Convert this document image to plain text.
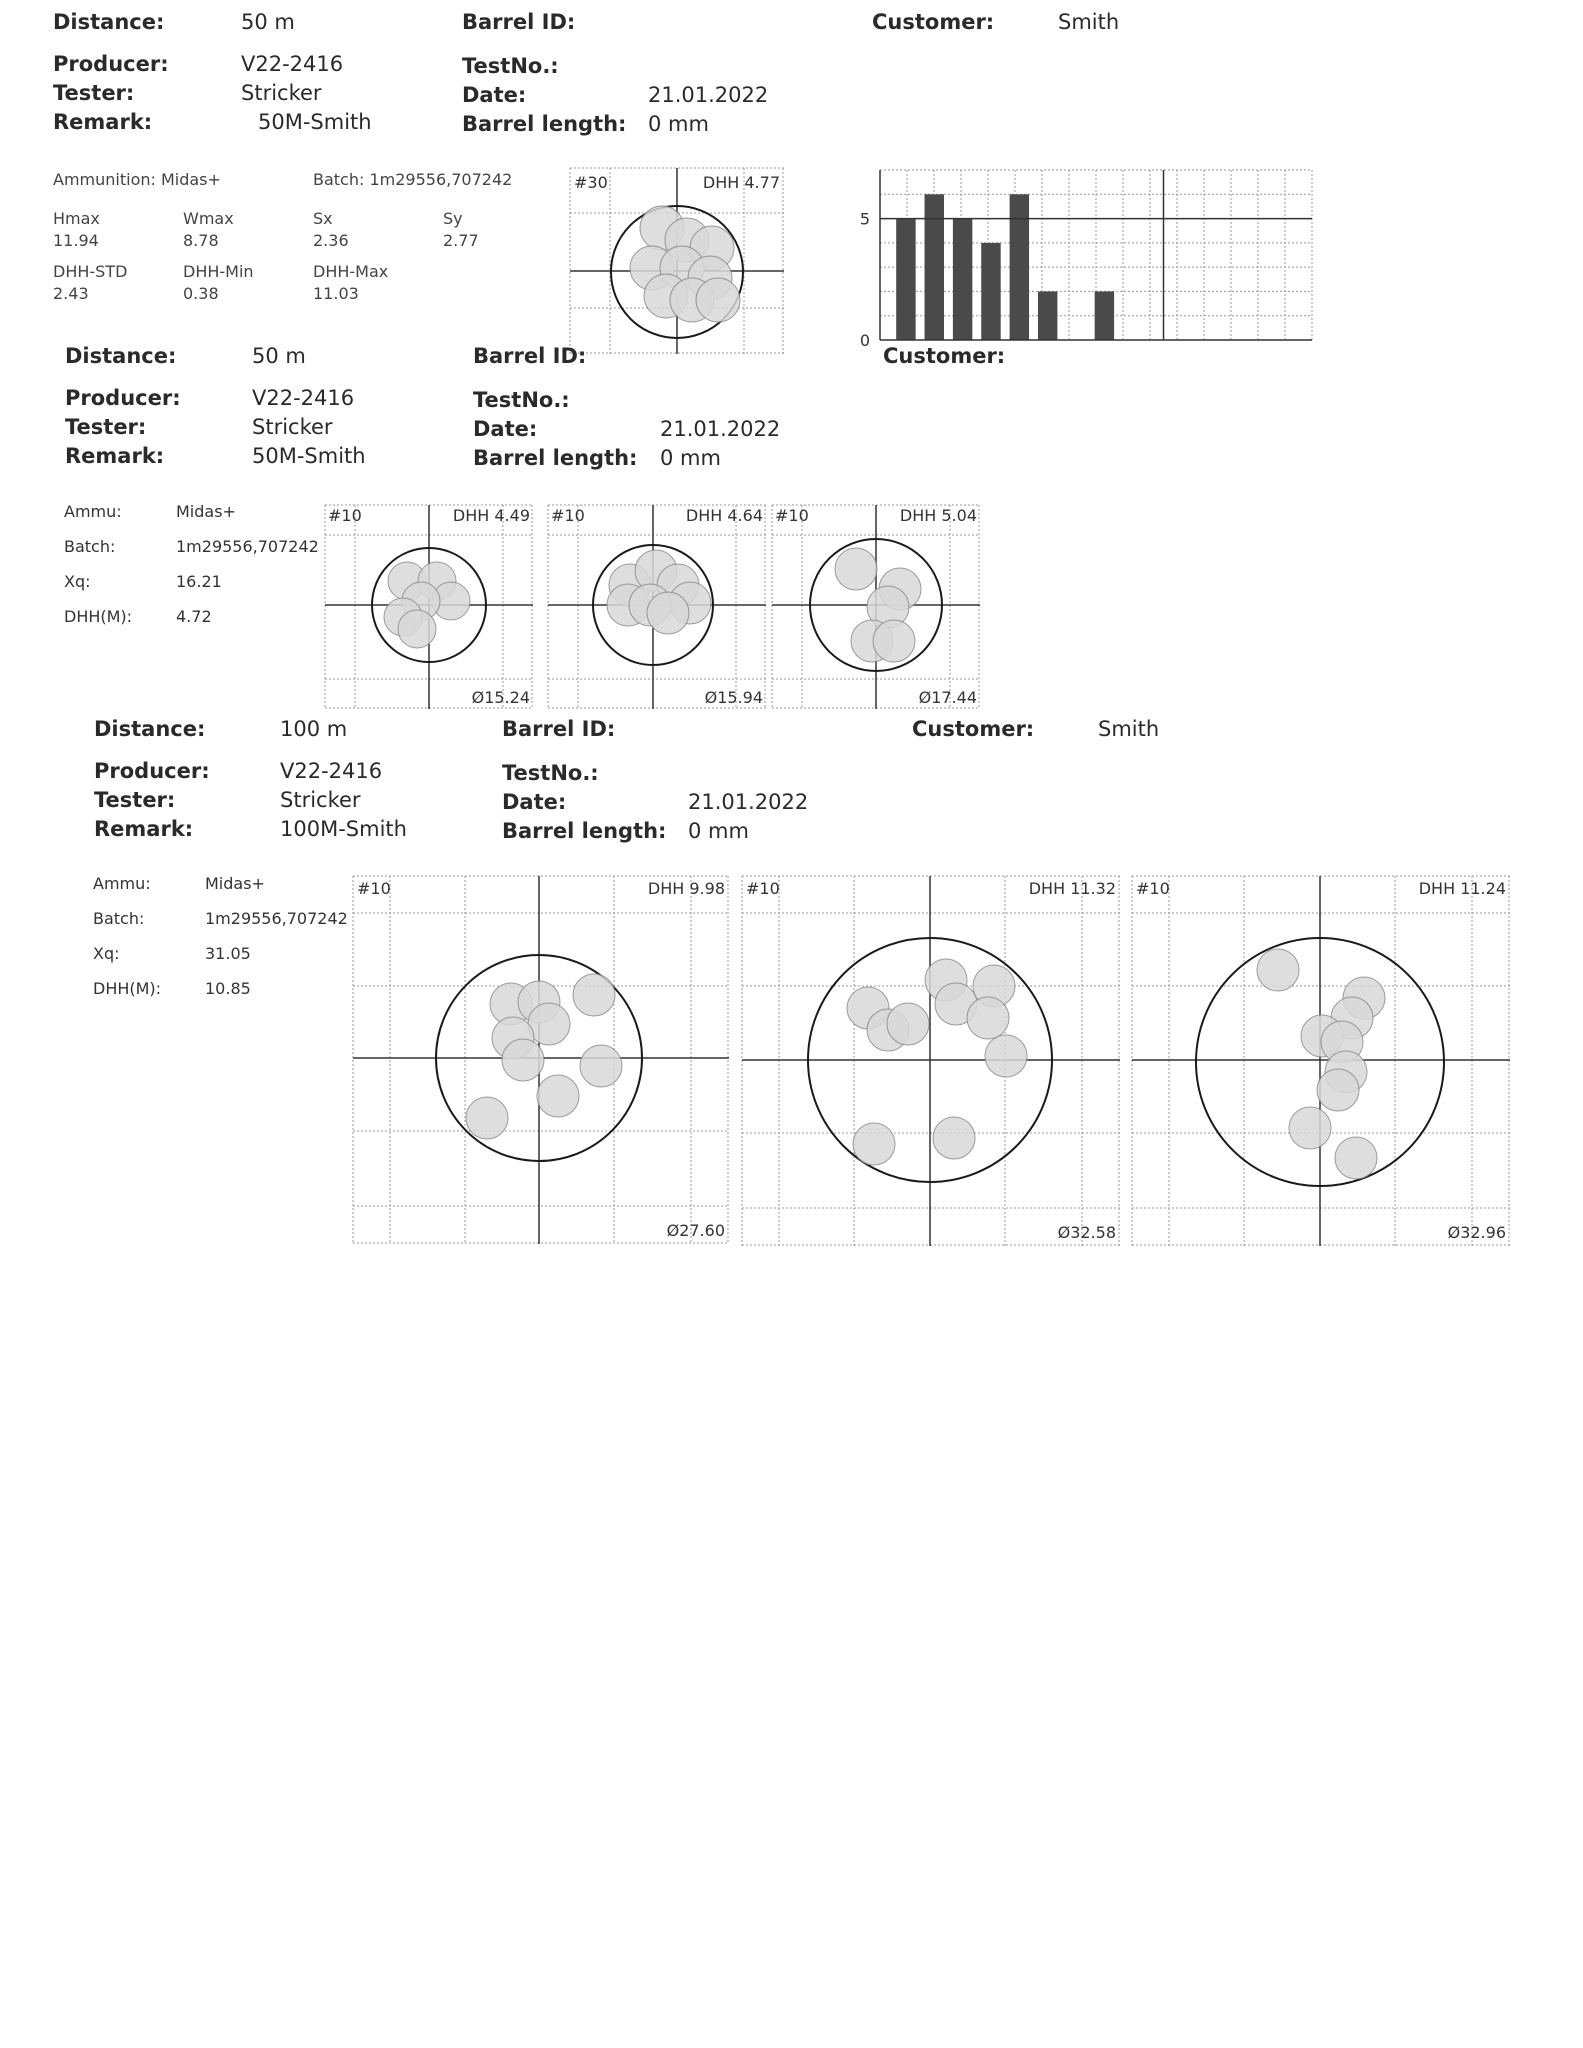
Distance:	50 m	Barrel ID:	Customer:	Smith
Producer:	V22-2416	TestNo.:
Tester:	Stricker	Date:	21.01.2022
Remark:	50M-Smith	Barrel length: 0 mm
Ammunition: Midas+	Batch: 1m29556,707242
Hmax
11.94
Wmax
8.78
Sx
2.36
Sy
2.77
DHH-STD
2.43
DHH-Min
0.38
DHH-Max
11.03
#30	DHH 4.77
5
0
Distance:	50 m	Barrel ID:	Customer:
Producer:	V22-2416	TestNo.:
Tester:	Stricker	Date:	21.01.2022
Remark:	50M-Smith	Barrel length: 0 mm
Ammu:	Midas+
Batch:	1m29556,707242
Xq:	16.21
DHH(M):	4.72
#10	DHH 4.49
Ø15.24
#10	DHH 4.64
Ø15.94
#10	DHH 5.04
Ø17.44
Distance:	100 m	Barrel ID:	Customer:	Smith
Producer:	V22-2416	TestNo.:
Tester:	Stricker	Date:	21.01.2022
Remark:	100M-Smith	Barrel length: 0 mm
Ammu:	Midas+
Batch:	1m29556,707242
Xq:	31.05
DHH(M):	10.85
#10	DHH 9.98
Ø27.60
#10	DHH 11.32
Ø32.58
#10	DHH 11.24
Ø32.96
